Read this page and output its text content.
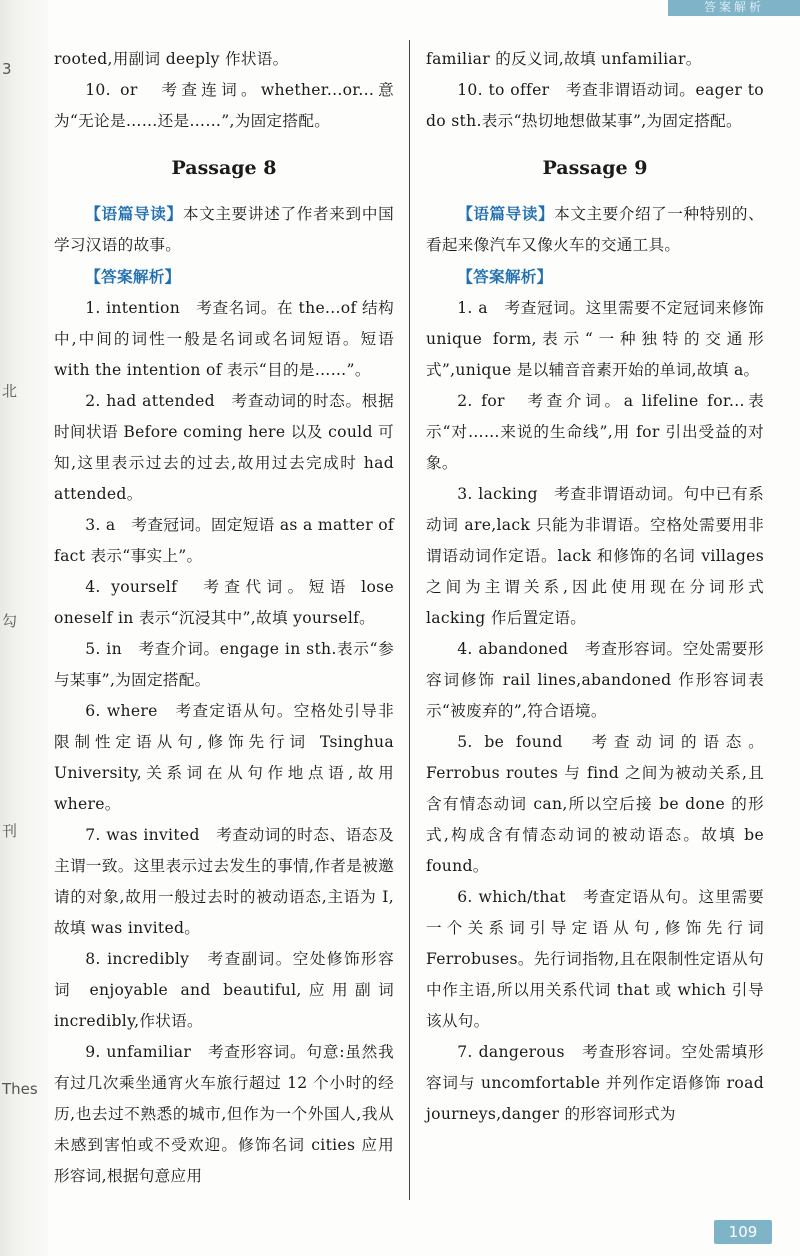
3
北
勾
刊
Thes
答案解析

rooted,用副词 deeply 作状语。

10. or　考查连词。whether...or...意为“无论是……还是……”,为固定搭配。

Passage 8

【语篇导读】本文主要讲述了作者来到中国学习汉语的故事。

【答案解析】

1. intention　考查名词。在 the...of 结构中,中间的词性一般是名词或名词短语。短语 with the intention of 表示“目的是……”。

2. had attended　考查动词的时态。根据时间状语 Before coming here 以及 could 可知,这里表示过去的过去,故用过去完成时 had attended。

3. a　考查冠词。固定短语 as a matter of fact 表示“事实上”。

4. yourself　考查代词。短语 lose oneself in 表示“沉浸其中”,故填 yourself。

5. in　考查介词。engage in sth.表示“参与某事”,为固定搭配。

6. where　考查定语从句。空格处引导非限制性定语从句,修饰先行词 Tsinghua University,关系词在从句作地点语,故用 where。

7. was invited　考查动词的时态、语态及主谓一致。这里表示过去发生的事情,作者是被邀请的对象,故用一般过去时的被动语态,主语为 I,故填 was invited。

8. incredibly　考查副词。空处修饰形容词 enjoyable and beautiful,应用副词 incredibly,作状语。

9. unfamiliar　考查形容词。句意:虽然我有过几次乘坐通宵火车旅行超过 12 个小时的经历,也去过不熟悉的城市,但作为一个外国人,我从未感到害怕或不受欢迎。修饰名词 cities 应用形容词,根据句意应用

familiar 的反义词,故填 unfamiliar。

10. to offer　考查非谓语动词。eager to do sth.表示“热切地想做某事”,为固定搭配。

Passage 9

【语篇导读】本文主要介绍了一种特别的、看起来像汽车又像火车的交通工具。

【答案解析】

1. a　考查冠词。这里需要不定冠词来修饰 unique form,表示“一种独特的交通形式”,unique 是以辅音音素开始的单词,故填 a。

2. for　考查介词。a lifeline for...表示“对……来说的生命线”,用 for 引出受益的对象。

3. lacking　考查非谓语动词。句中已有系动词 are,lack 只能为非谓语。空格处需要用非谓语动词作定语。lack 和修饰的名词 villages 之间为主谓关系,因此使用现在分词形式 lacking 作后置定语。

4. abandoned　考查形容词。空处需要形容词修饰 rail lines,abandoned 作形容词表示“被废弃的”,符合语境。

5. be found　考查动词的语态。Ferrobus routes 与 find 之间为被动关系,且含有情态动词 can,所以空后接 be done 的形式,构成含有情态动词的被动语态。故填 be found。

6. which/that　考查定语从句。这里需要一个关系词引导定语从句,修饰先行词 Ferrobuses。先行词指物,且在限制性定语从句中作主语,所以用关系代词 that 或 which 引导该从句。

7. dangerous　考查形容词。空处需填形容词与 uncomfortable 并列作定语修饰 road journeys,danger 的形容词形式为

109
